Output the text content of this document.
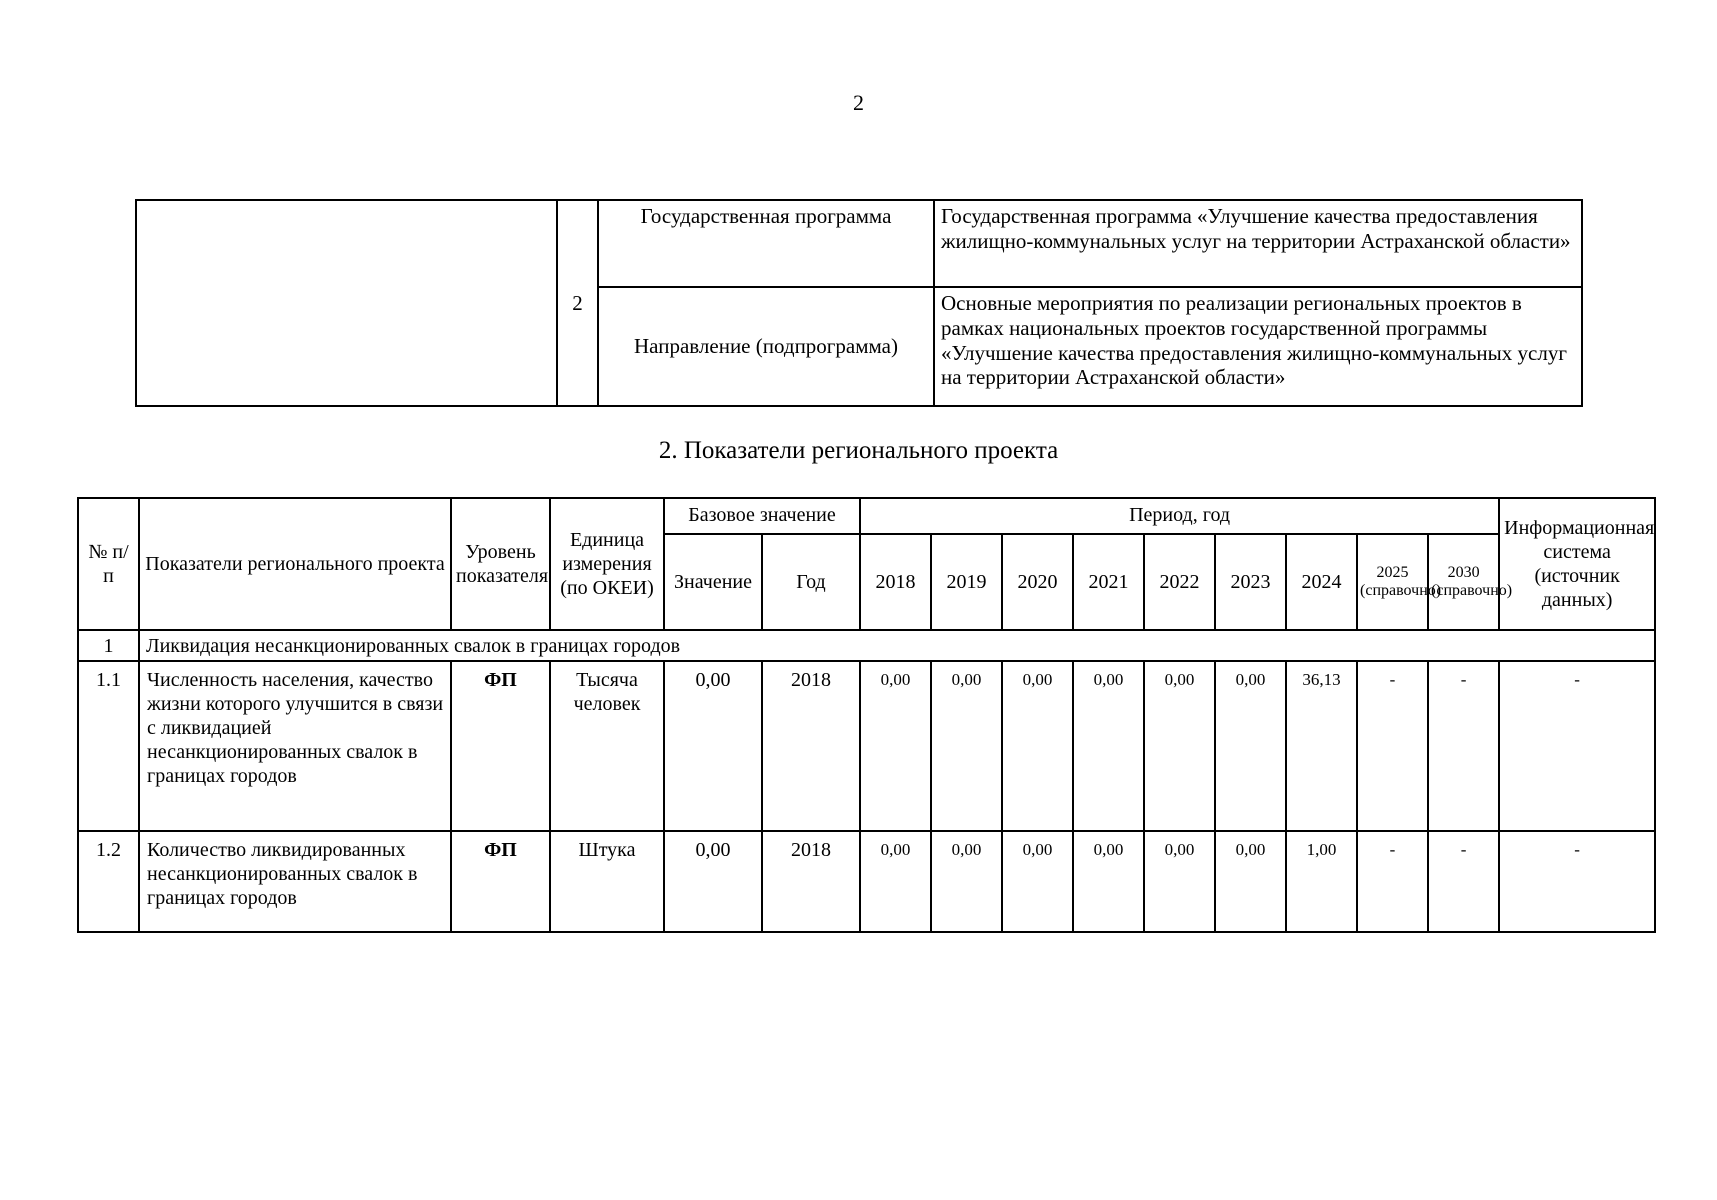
2
	2	Государственная программа	Государственная программа «Улучшение качества предоставления жилищно-коммунальных услуг на территории Астраханской области»
		Направление (подпрограмма)	Основные мероприятия по реализации региональных проектов в рамках национальных проектов государственной программы «Улучшение качества предоставления жилищно-коммунальных услуг на территории Астраханской области»
2. Показатели регионального проекта
№ п/п	Показатели регионального проекта	Уровень показателя	Единица измерения (по ОКЕИ)	Базовое значение		Период, год									Информационная система (источник данных)
				Значение	Год	2018	2019	2020	2021	2022	2023	2024	2025 (справочно)	2030 (справочно)	
1	Ликвидация несанкционированных свалок в границах городов														
1.1	Численность населения, качество жизни которого улучшится в связи с ликвидацией несанкционированных свалок в границах городов	ФП	Тысяча человек	0,00	2018	0,00	0,00	0,00	0,00	0,00	0,00	36,13	-	-	-
1.2	Количество ликвидированных несанкционированных свалок в границах городов	ФП	Штука	0,00	2018	0,00	0,00	0,00	0,00	0,00	0,00	1,00	-	-	-
